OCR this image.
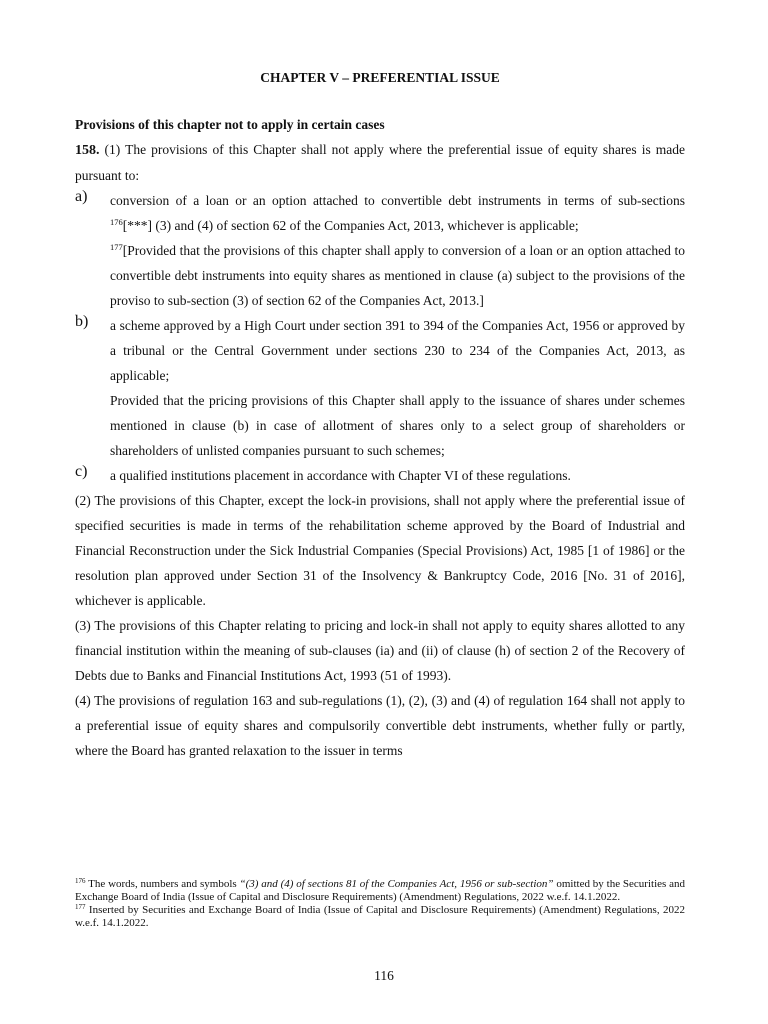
CHAPTER V – PREFERENTIAL ISSUE
Provisions of this chapter not to apply in certain cases

158. (1) The provisions of this Chapter shall not apply where the preferential issue of equity shares is made pursuant to:

a) conversion of a loan or an option attached to convertible debt instruments in terms of sub-sections $^{176}$[***] (3) and (4) of section 62 of the Companies Act, 2013, whichever is applicable;

$^{177}$[Provided that the provisions of this chapter shall apply to conversion of a loan or an option attached to convertible debt instruments into equity shares as mentioned in clause (a) subject to the provisions of the proviso to sub-section (3) of section 62 of the Companies Act, 2013.]

b) a scheme approved by a High Court under section 391 to 394 of the Companies Act, 1956 or approved by a tribunal or the Central Government under sections 230 to 234 of the Companies Act, 2013, as applicable;

Provided that the pricing provisions of this Chapter shall apply to the issuance of shares under schemes mentioned in clause (b) in case of allotment of shares only to a select group of shareholders or shareholders of unlisted companies pursuant to such schemes;

c) a qualified institutions placement in accordance with Chapter VI of these regulations.

(2) The provisions of this Chapter, except the lock-in provisions, shall not apply where the preferential issue of specified securities is made in terms of the rehabilitation scheme approved by the Board of Industrial and Financial Reconstruction under the Sick Industrial Companies (Special Provisions) Act, 1985 [1 of 1986] or the resolution plan approved under Section 31 of the Insolvency & Bankruptcy Code, 2016 [No. 31 of 2016], whichever is applicable.

(3) The provisions of this Chapter relating to pricing and lock-in shall not apply to equity shares allotted to any financial institution within the meaning of sub-clauses (ia) and (ii) of clause (h) of section 2 of the Recovery of Debts due to Banks and Financial Institutions Act, 1993 (51 of 1993).

(4) The provisions of regulation 163 and sub-regulations (1), (2), (3) and (4) of regulation 164 shall not apply to a preferential issue of equity shares and compulsorily convertible debt instruments, whether fully or partly, where the Board has granted relaxation to the issuer in terms

$^{176}$ The words, numbers and symbols “(3) and (4) of sections 81 of the Companies Act, 1956 or sub-section” omitted by the Securities and Exchange Board of India (Issue of Capital and Disclosure Requirements) (Amendment) Regulations, 2022 w.e.f. 14.1.2022.

$^{177}$ Inserted by Securities and Exchange Board of India (Issue of Capital and Disclosure Requirements) (Amendment) Regulations, 2022 w.e.f. 14.1.2022.

116
